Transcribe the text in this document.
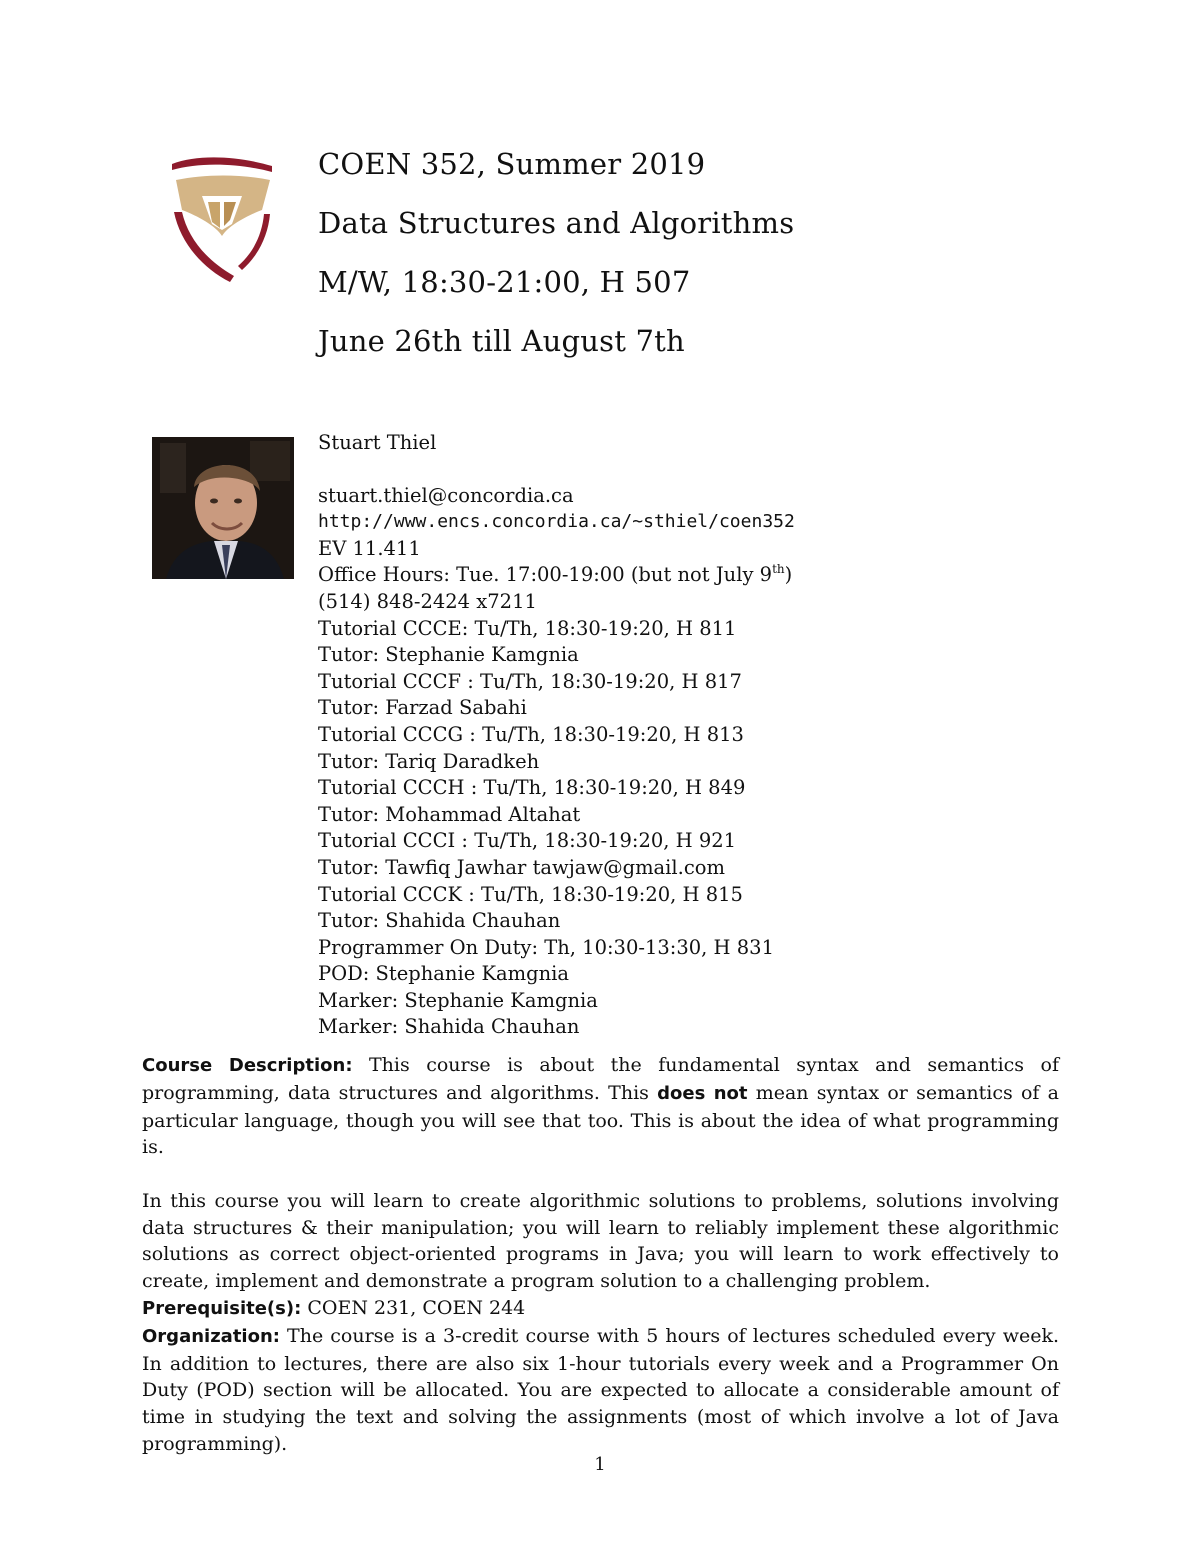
COEN 352, Summer 2019
Data Structures and Algorithms
M/W, 18:30-21:00, H 507
June 26th till August 7th
Stuart Thiel
stuart.thiel@concordia.ca
http://www.encs.concordia.ca/~sthiel/coen352
EV 11.411
Office Hours: Tue. 17:00-19:00 (but not July 9th)
(514) 848-2424 x7211
Tutorial CCCE: Tu/Th, 18:30-19:20, H 811
Tutor: Stephanie Kamgnia
Tutorial CCCF : Tu/Th, 18:30-19:20, H 817
Tutor: Farzad Sabahi
Tutorial CCCG : Tu/Th, 18:30-19:20, H 813
Tutor: Tariq Daradkeh
Tutorial CCCH : Tu/Th, 18:30-19:20, H 849
Tutor: Mohammad Altahat
Tutorial CCCI : Tu/Th, 18:30-19:20, H 921
Tutor: Tawfiq Jawhar tawjaw@gmail.com
Tutorial CCCK : Tu/Th, 18:30-19:20, H 815
Tutor: Shahida Chauhan
Programmer On Duty: Th, 10:30-13:30, H 831
POD: Stephanie Kamgnia
Marker: Stephanie Kamgnia
Marker: Shahida Chauhan

Course Description: This course is about the fundamental syntax and semantics of programming, data structures and algorithms. This does not mean syntax or semantics of a particular language, though you will see that too. This is about the idea of what programming is.

In this course you will learn to create algorithmic solutions to problems, solutions involving data structures & their manipulation; you will learn to reliably implement these algorithmic solutions as correct object-oriented programs in Java; you will learn to work effectively to create, implement and demonstrate a program solution to a challenging problem.

Prerequisite(s): COEN 231, COEN 244

Organization: The course is a 3-credit course with 5 hours of lectures scheduled every week. In addition to lectures, there are also six 1-hour tutorials every week and a Programmer On Duty (POD) section will be allocated. You are expected to allocate a considerable amount of time in studying the text and solving the assignments (most of which involve a lot of Java programming).

1
